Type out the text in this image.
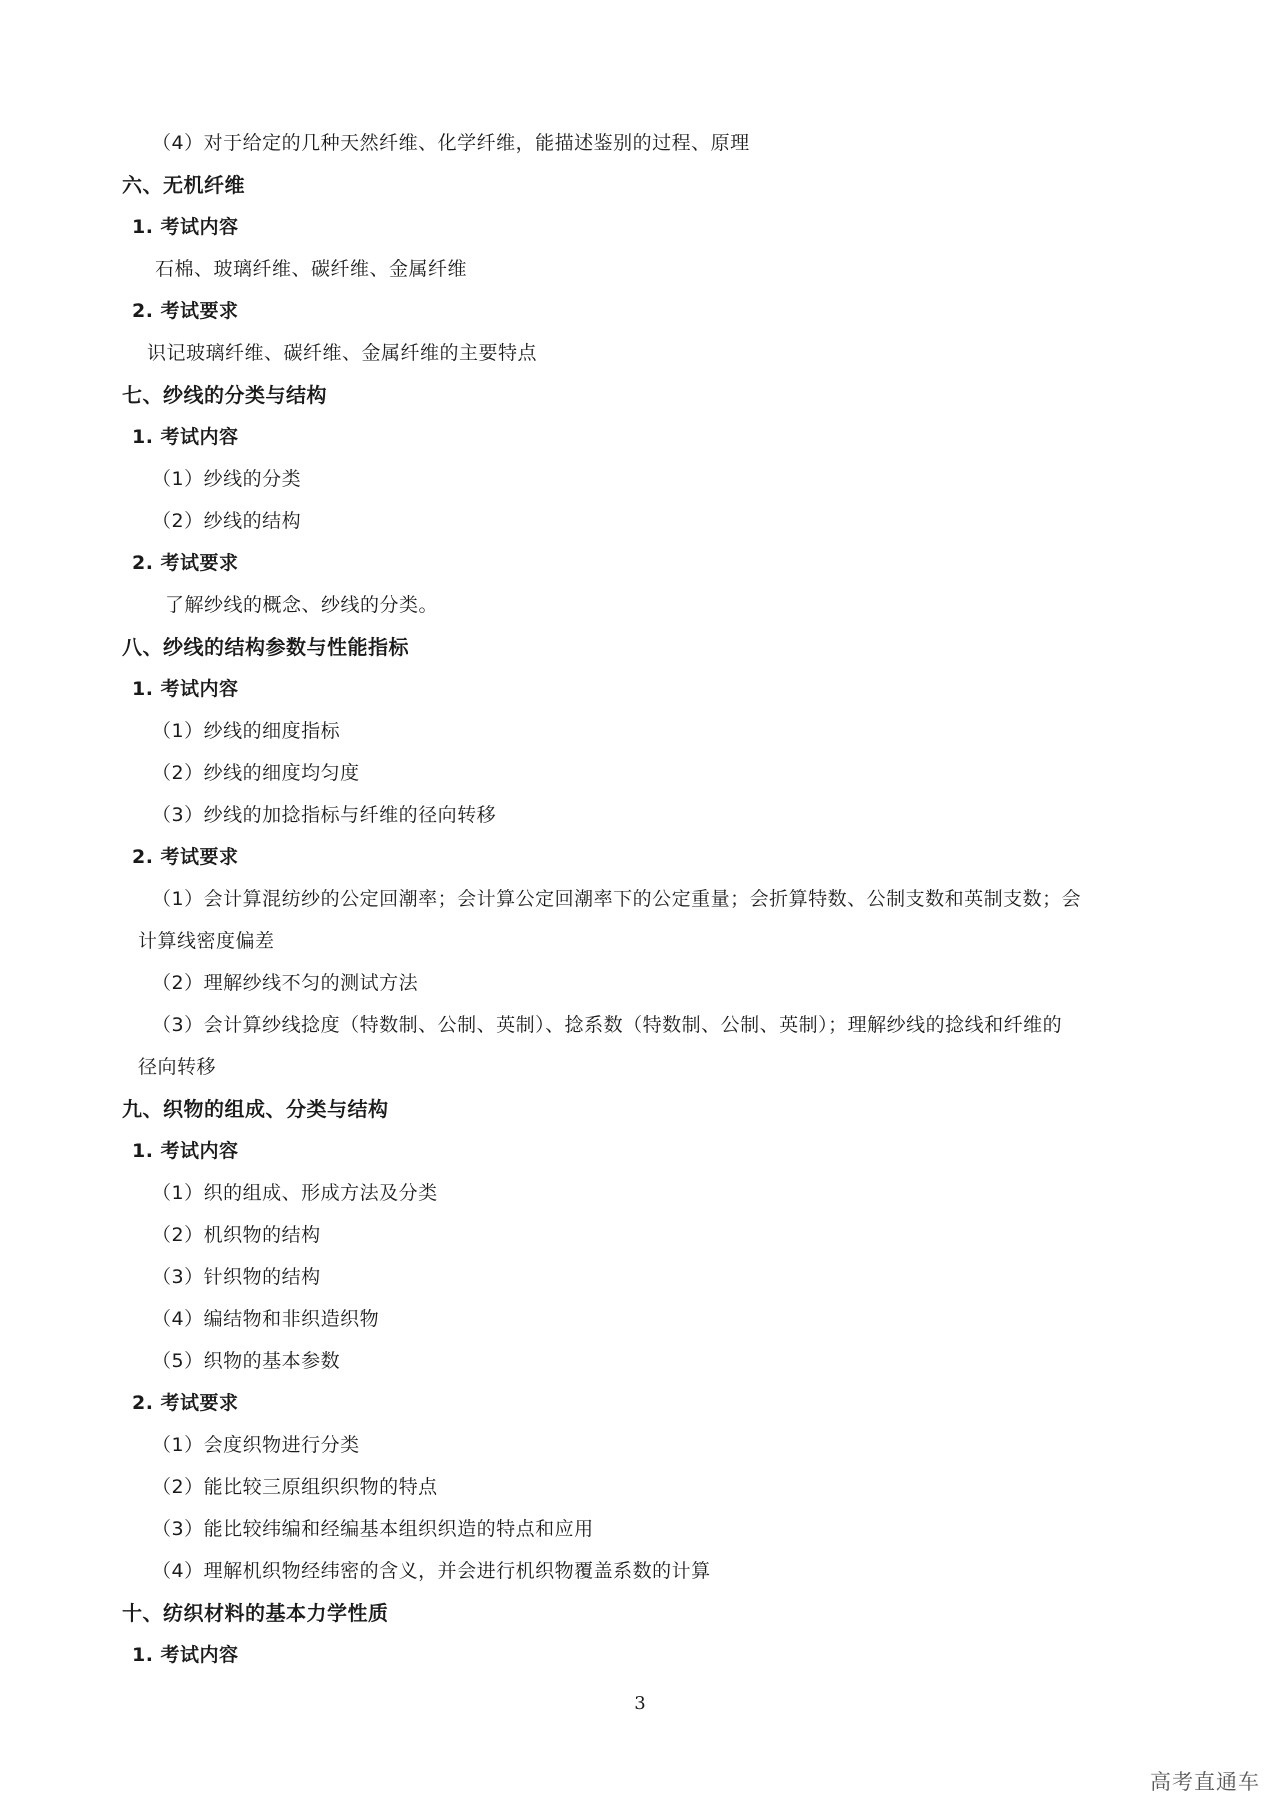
（4）对于给定的几种天然纤维、化学纤维，能描述鉴别的过程、原理
六、无机纤维
1. 考试内容
石棉、玻璃纤维、碳纤维、金属纤维
2. 考试要求
识记玻璃纤维、碳纤维、金属纤维的主要特点
七、纱线的分类与结构
1. 考试内容
（1）纱线的分类
（2）纱线的结构
2. 考试要求
了解纱线的概念、纱线的分类。
八、纱线的结构参数与性能指标
1. 考试内容
（1）纱线的细度指标
（2）纱线的细度均匀度
（3）纱线的加捻指标与纤维的径向转移
2. 考试要求
（1）会计算混纺纱的公定回潮率；会计算公定回潮率下的公定重量；会折算特数、公制支数和英制支数；会
计算线密度偏差
（2）理解纱线不匀的测试方法
（3）会计算纱线捻度（特数制、公制、英制）、捻系数（特数制、公制、英制）；理解纱线的捻线和纤维的
径向转移
九、织物的组成、分类与结构
1. 考试内容
（1）织的组成、形成方法及分类
（2）机织物的结构
（3）针织物的结构
（4）编结物和非织造织物
（5）织物的基本参数
2. 考试要求
（1）会度织物进行分类
（2）能比较三原组织织物的特点
（3）能比较纬编和经编基本组织织造的特点和应用
（4）理解机织物经纬密的含义，并会进行机织物覆盖系数的计算
十、纺织材料的基本力学性质
1. 考试内容
3
高考直通车
